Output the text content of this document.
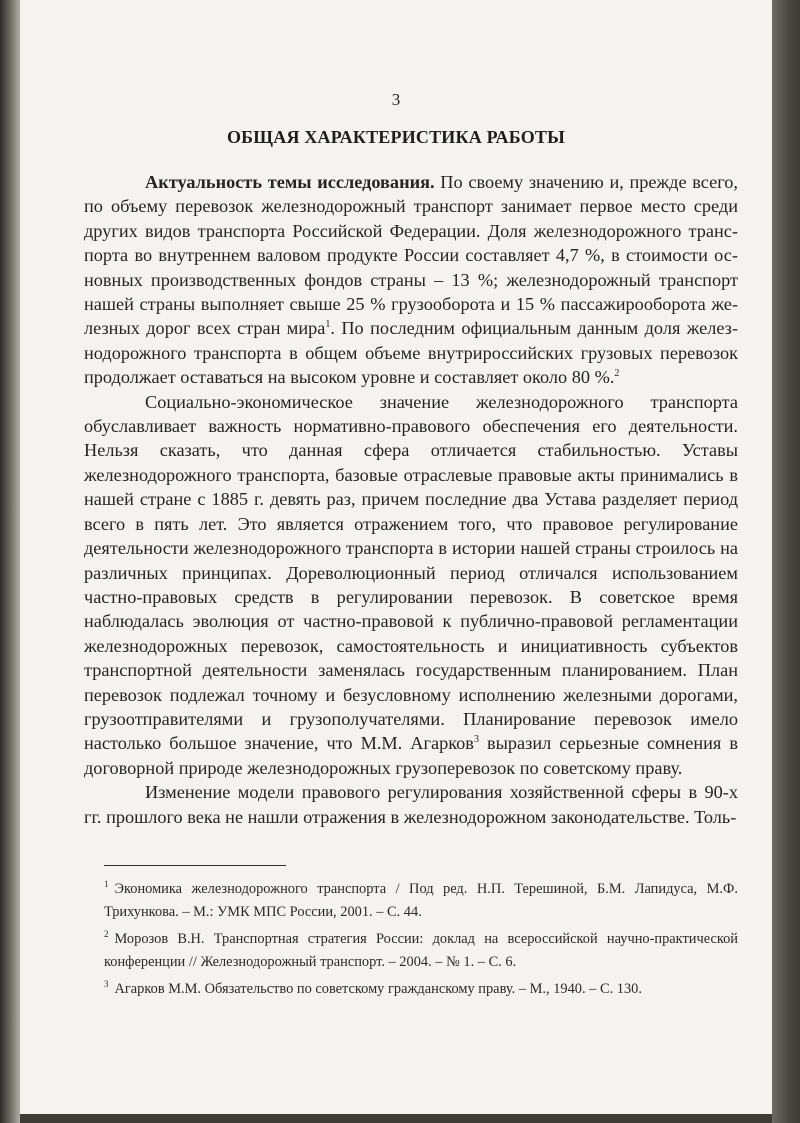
3
ОБЩАЯ ХАРАКТЕРИСТИКА РАБОТЫ

Актуальность темы исследования. По своему значению и, прежде всего, по объему перевозок железнодорожный транспорт занимает первое место среди других видов транспорта Российской Федерации. Доля железнодорожного транспорта во внутреннем валовом продукте России составляет 4,7 %, в стоимости основных производственных фондов страны – 13 %; железнодорожный транспорт нашей страны выполняет свыше 25 % грузооборота и 15 % пассажирооборота железных дорог всех стран мира$^1$. По последним официальным данным доля железнодорожного транспорта в общем объеме внутрироссийских грузовых перевозок продолжает оставаться на высоком уровне и составляет около 80 %.$^2$

Социально-экономическое значение железнодорожного транспорта обуславливает важность нормативно-правового обеспечения его деятельности. Нельзя сказать, что данная сфера отличается стабильностью. Уставы железнодорожного транспорта, базовые отраслевые правовые акты принимались в нашей стране с 1885 г. девять раз, причем последние два Устава разделяет период всего в пять лет. Это является отражением того, что правовое регулирование деятельности железнодорожного транспорта в истории нашей страны строилось на различных принципах. Дореволюционный период отличался использованием частно-правовых средств в регулировании перевозок. В советское время наблюдалась эволюция от частно-правовой к публично-правовой регламентации железнодорожных перевозок, самостоятельность и инициативность субъектов транспортной деятельности заменялась государственным планированием. План перевозок подлежал точному и безусловному исполнению железными дорогами, грузоотправителями и грузополучателями. Планирование перевозок имело настолько большое значение, что М.М. Агарков$^3$ выразил серьезные сомнения в договорной природе железнодорожных грузоперевозок по советскому праву.

Изменение модели правового регулирования хозяйственной сферы в 90-х гг. прошлого века не нашли отражения в железнодорожном законодательстве. Толь-

$^1$ Экономика железнодорожного транспорта / Под ред. Н.П. Терешиной, Б.М. Лапидуса, М.Ф. Трихункова. – М.: УМК МПС России, 2001. – С. 44.
$^2$ Морозов В.Н. Транспортная стратегия России: доклад на всероссийской научно-практической конференции // Железнодорожный транспорт. – 2004. – № 1. – С. 6.
$^3$ Агарков М.М. Обязательство по советскому гражданскому праву. – М., 1940. – С. 130.
